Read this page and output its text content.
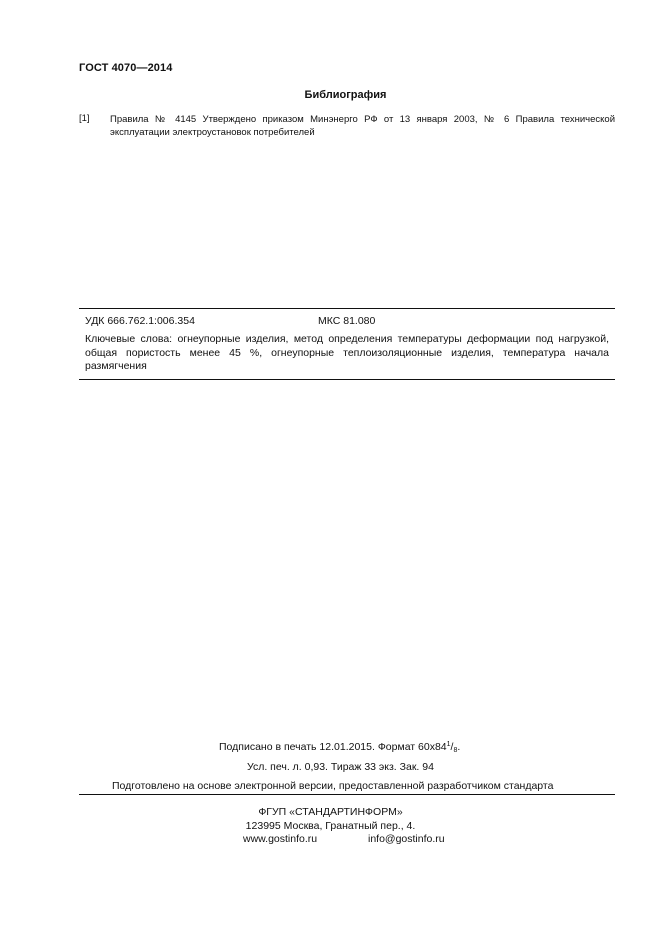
ГОСТ 4070—2014
Библиография
[1] Правила № 4145 Утверждено приказом Минэнерго РФ от 13 января 2003, № 6 Правила технической эксплуатации электроустановок потребителей
УДК 666.762.1:006.354	МКС 81.080
Ключевые слова: огнеупорные изделия, метод определения температуры деформации под нагрузкой, общая пористость менее 45 %, огнеупорные теплоизоляционные изделия, температура начала размягчения
Подписано в печать 12.01.2015. Формат $60х84^1/_8$.
Усл. печ. л. 0,93. Тираж 33 экз. Зак. 94
Подготовлено на основе электронной версии, предоставленной разработчиком стандарта
ФГУП «СТАНДАРТИНФОРМ»
123995 Москва, Гранатный пер., 4.
www.gostinfo.ru	info@gostinfo.ru
